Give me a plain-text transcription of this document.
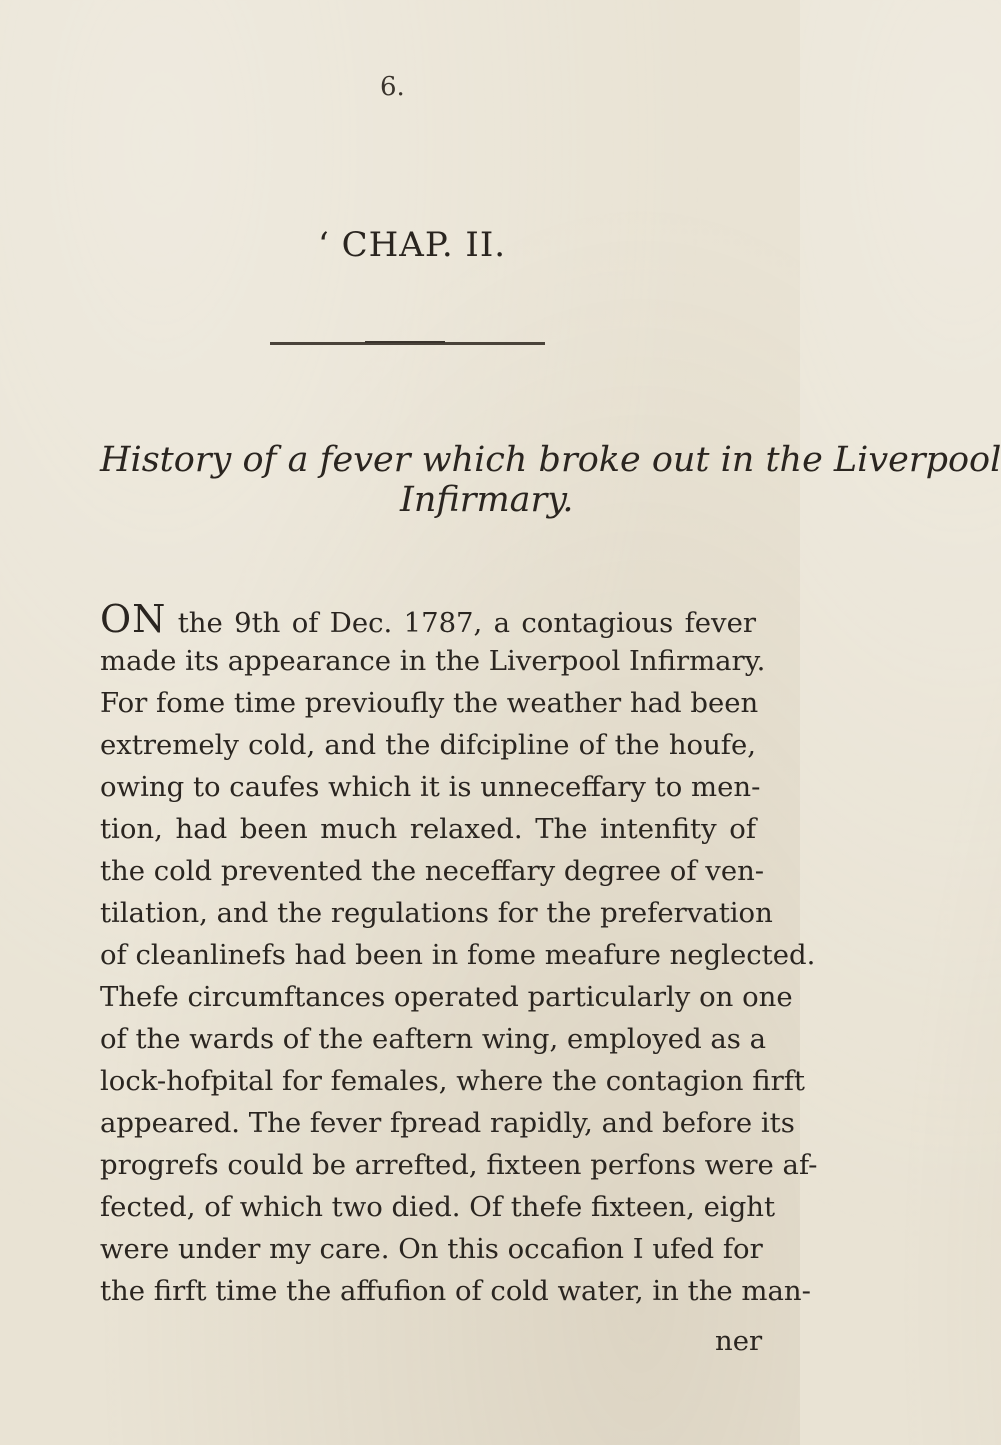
6.
‘ CHAP. II.
History of a fever which broke out in the Liverpool
Infirmary.
ON the 9th of Dec. 1787, a contagious fever
made its appearance in the Liverpool Infirmary.
For fome time previoufly the weather had been
extremely cold, and the difcipline of the houfe,
owing to caufes which it is unneceffary to men-
tion, had been much relaxed. The intenfity of
the cold prevented the neceffary degree of ven-
tilation, and the regulations for the prefervation
of cleanlinefs had been in fome meafure neglected.
Thefe circumftances operated particularly on one
of the wards of the eaftern wing, employed as a
lock-hofpital for females, where the contagion firft
appeared. The fever fpread rapidly, and before its
progrefs could be arrefted, fixteen perfons were af-
fected, of which two died. Of thefe fixteen, eight
were under my care. On this occafion I ufed for
the firft time the affufion of cold water, in the man-
ner
